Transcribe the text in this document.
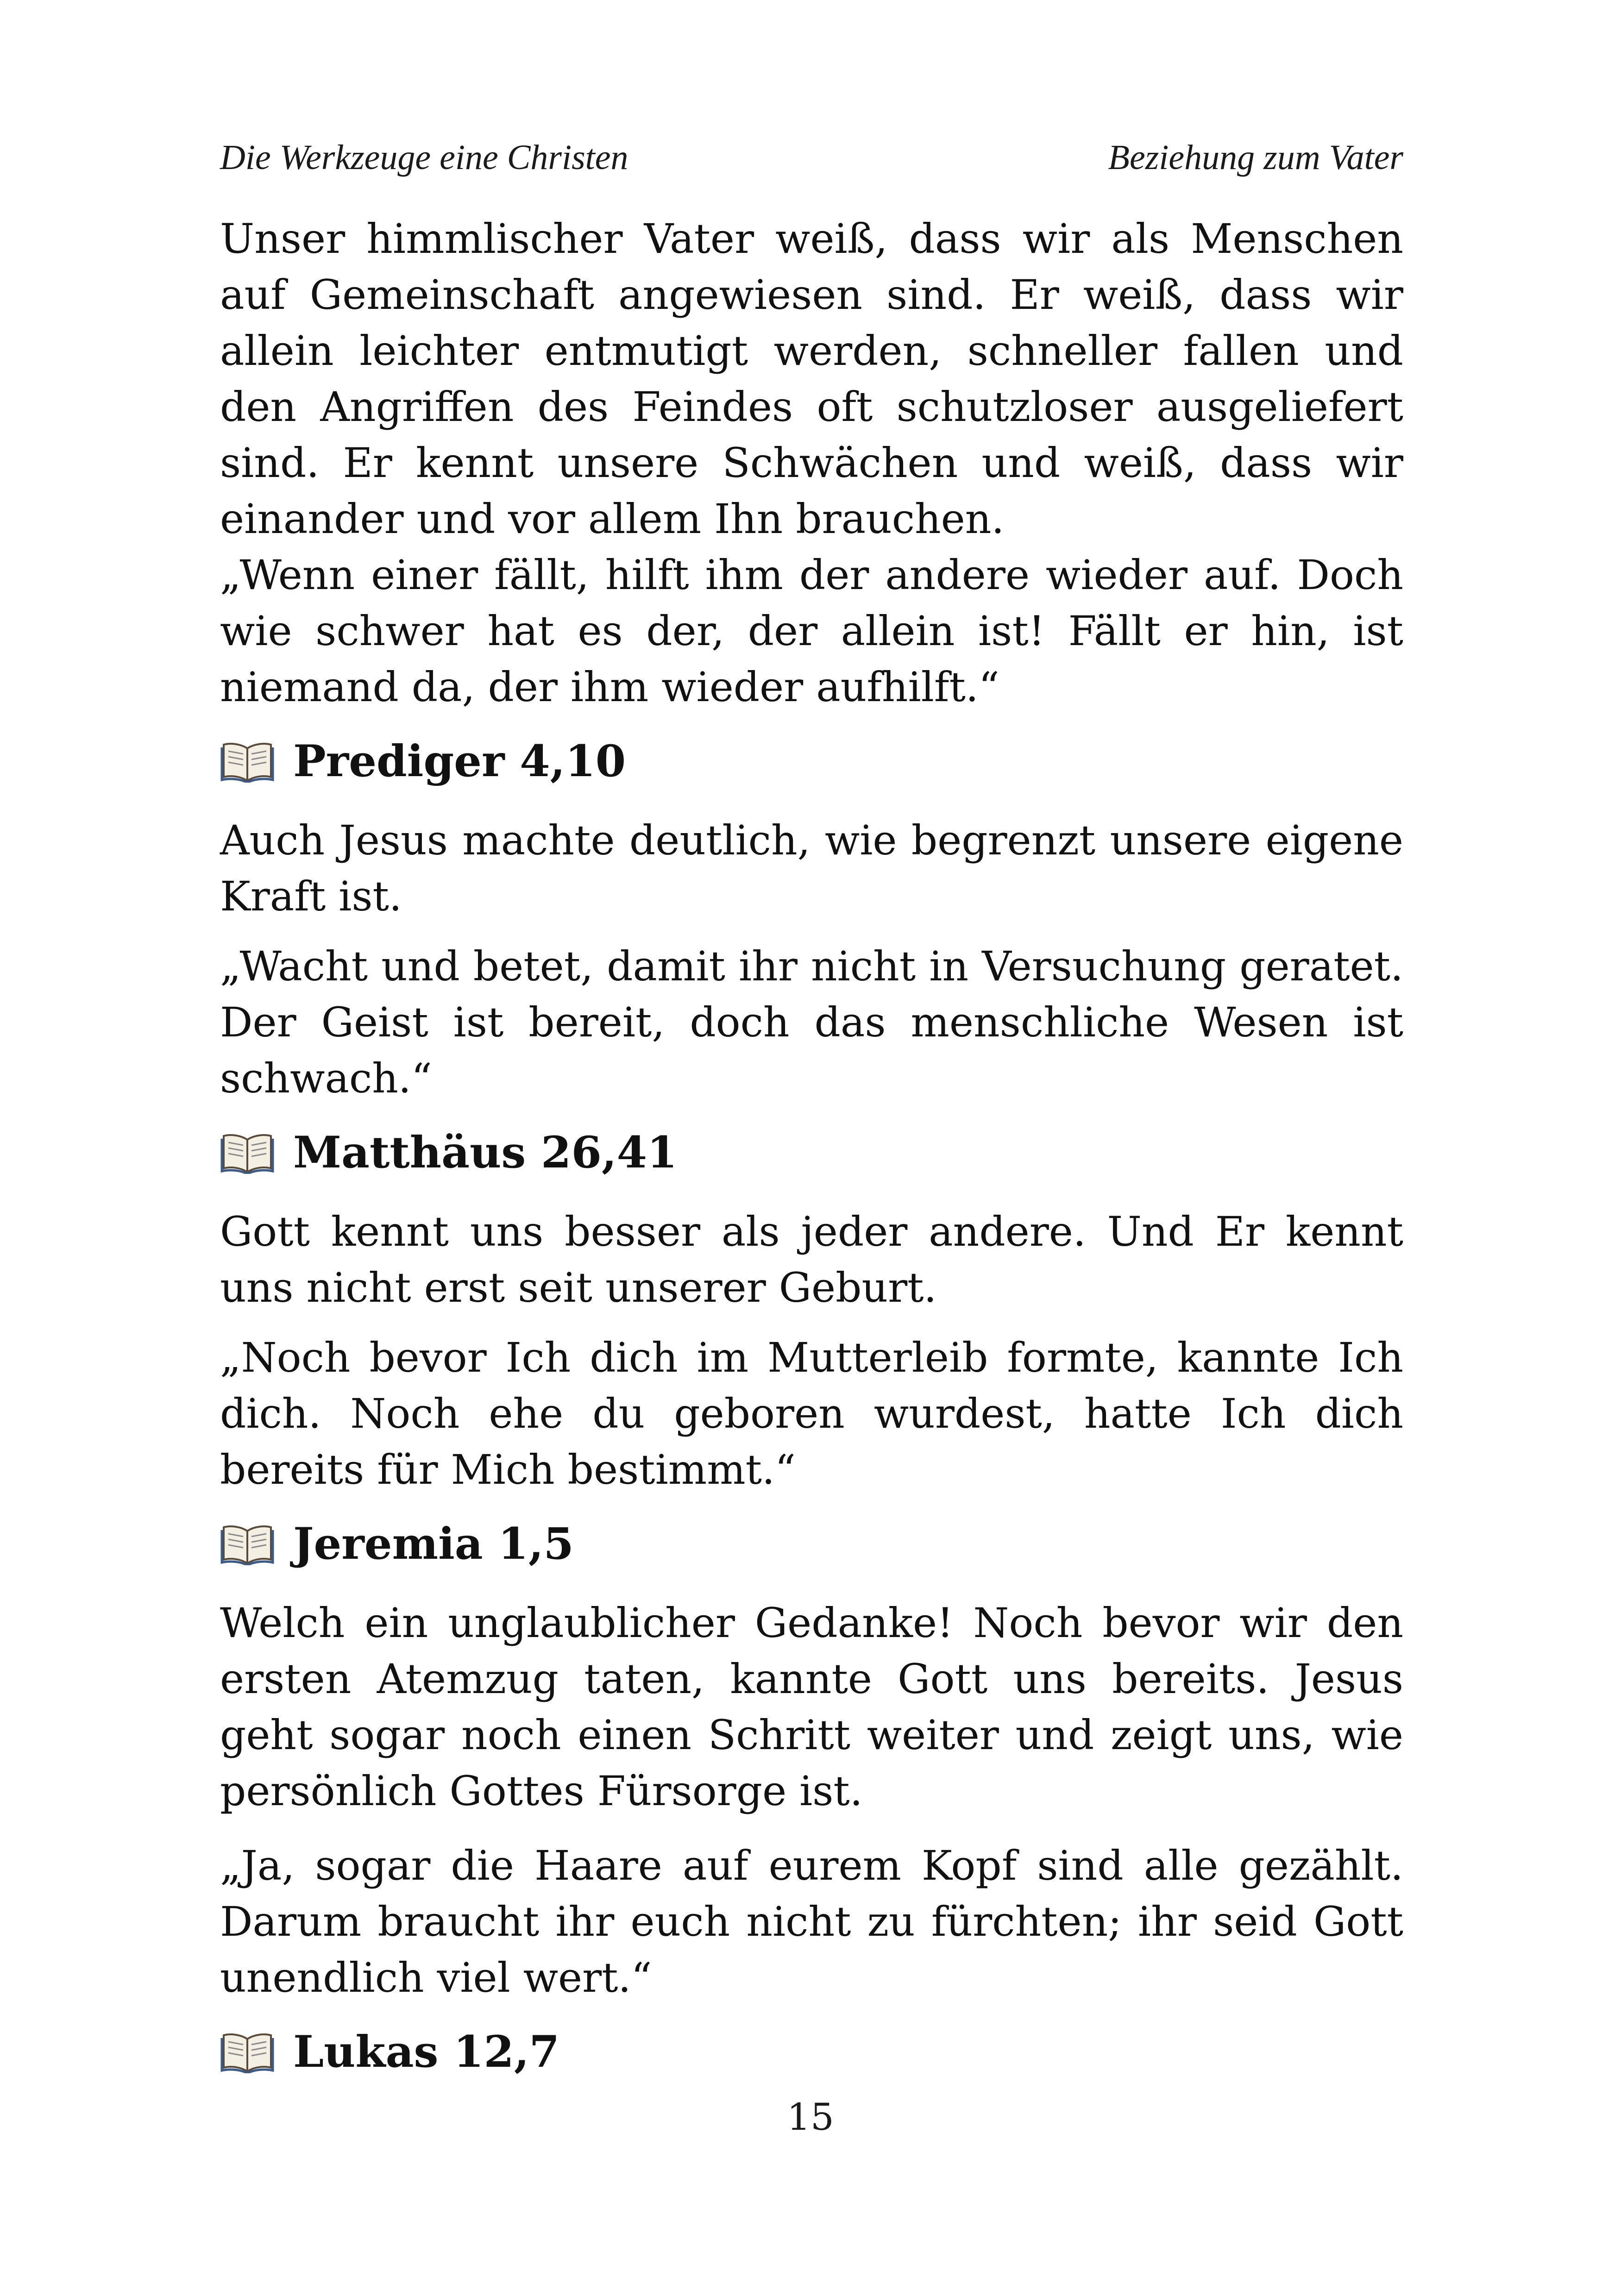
Die Werkzeuge eine Christen	Beziehung zum Vater

Unser himmlischer Vater weiß, dass wir als Menschen auf Gemeinschaft angewiesen sind. Er weiß, dass wir allein leichter entmutigt werden, schneller fallen und den Angriffen des Feindes oft schutzloser ausgeliefert sind. Er kennt unsere Schwächen und weiß, dass wir einander und vor allem Ihn brauchen.

„Wenn einer fällt, hilft ihm der andere wieder auf. Doch wie schwer hat es der, der allein ist! Fällt er hin, ist niemand da, der ihm wieder aufhilft.“

Prediger 4,10

Auch Jesus machte deutlich, wie begrenzt unsere eigene Kraft ist.

„Wacht und betet, damit ihr nicht in Versuchung geratet. Der Geist ist bereit, doch das menschliche Wesen ist schwach.“

Matthäus 26,41

Gott kennt uns besser als jeder andere. Und Er kennt uns nicht erst seit unserer Geburt.

„Noch bevor Ich dich im Mutterleib formte, kannte Ich dich. Noch ehe du geboren wurdest, hatte Ich dich bereits für Mich bestimmt.“

Jeremia 1,5

Welch ein unglaublicher Gedanke! Noch bevor wir den ersten Atemzug taten, kannte Gott uns bereits. Jesus geht sogar noch einen Schritt weiter und zeigt uns, wie persönlich Gottes Fürsorge ist.

„Ja, sogar die Haare auf eurem Kopf sind alle gezählt. Darum braucht ihr euch nicht zu fürchten; ihr seid Gott unendlich viel wert.“

Lukas 12,7
15
